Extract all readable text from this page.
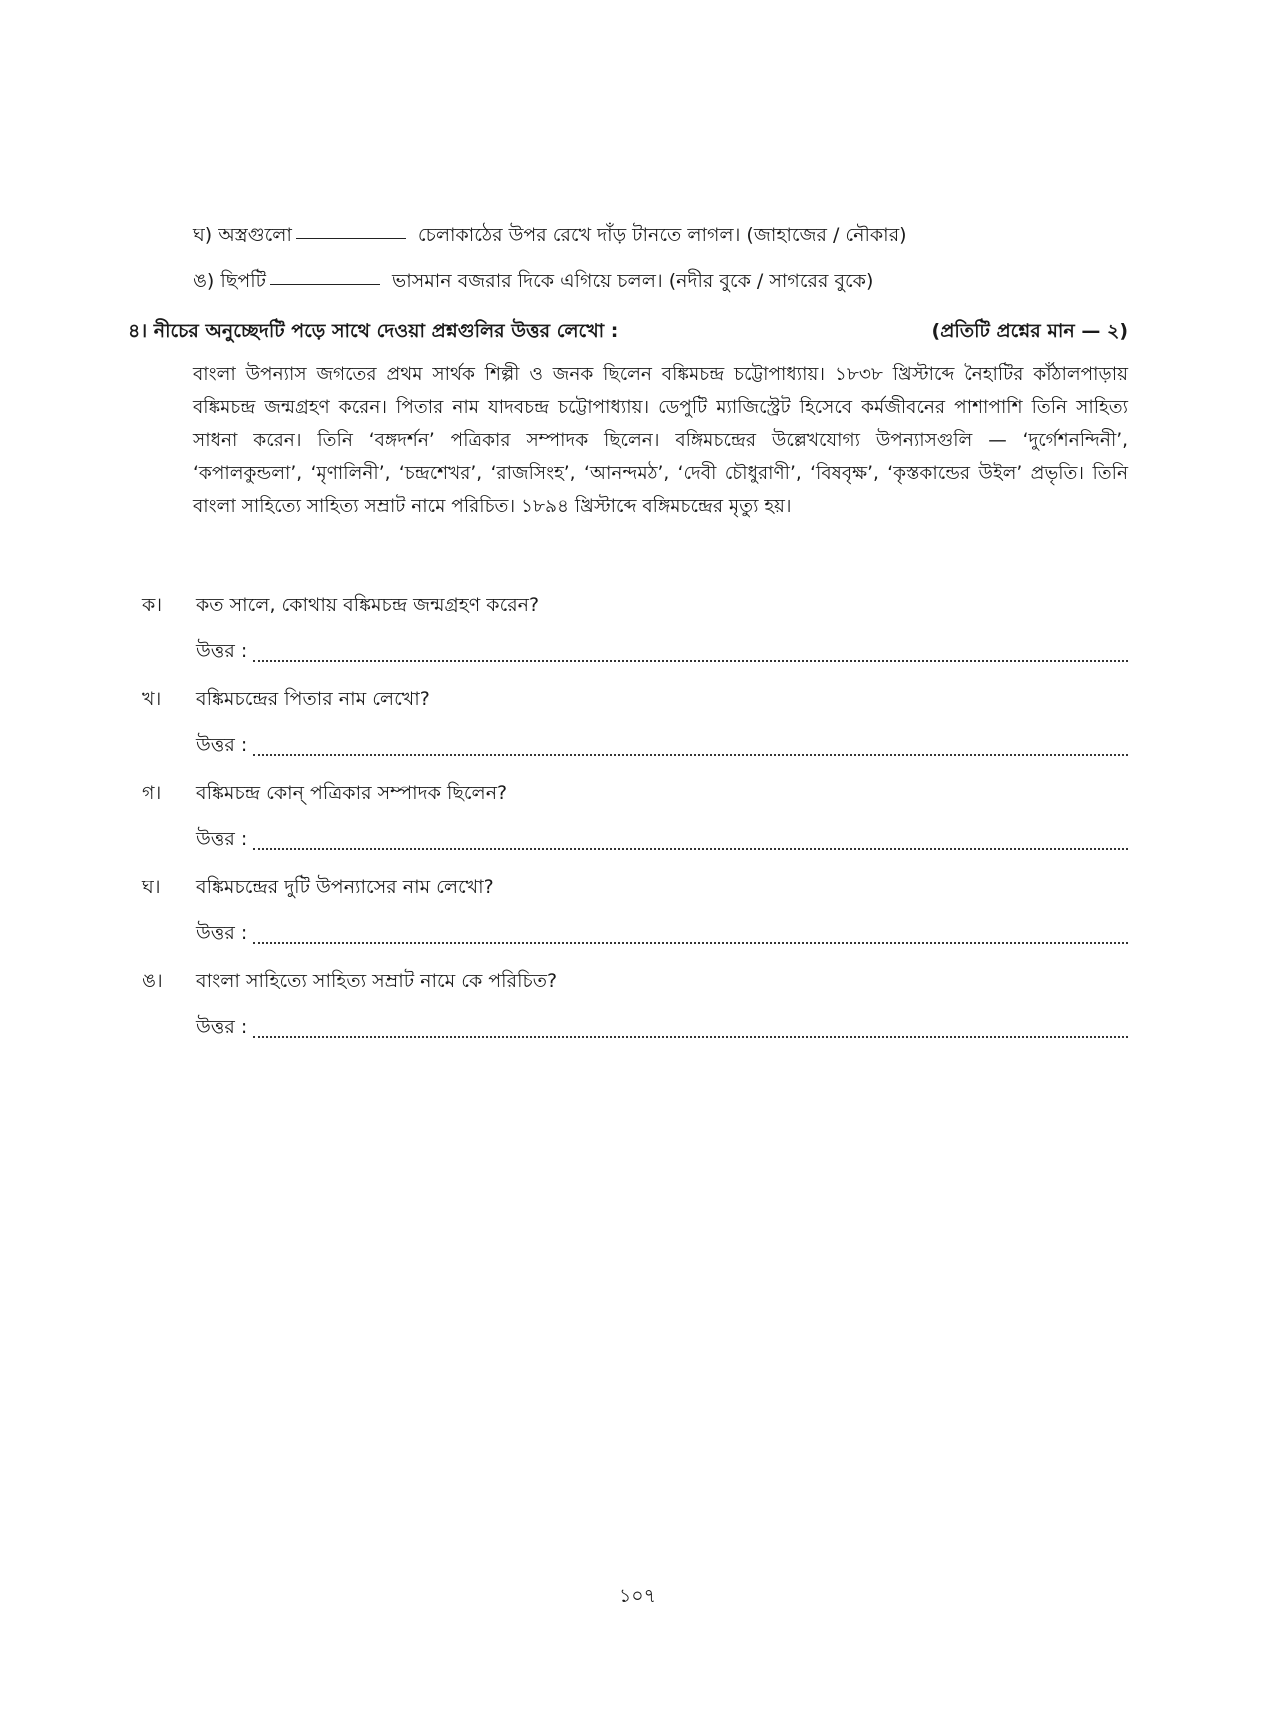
ঘ) অস্ত্রগুলো	চেলাকাঠের উপর রেখে দাঁড় টানতে লাগল। (জাহাজের / নৌকার)
ঙ) ছিপটি	ভাসমান বজরার দিকে এগিয়ে চলল। (নদীর বুকে / সাগরের বুকে)
৪। নীচের অনুচ্ছেদটি পড়ে সাথে দেওয়া প্রশ্নগুলির উত্তর লেখো :	(প্রতিটি প্রশ্নের মান — ২)
বাংলা উপন্যাস জগতের প্রথম সার্থক শিল্পী ও জনক ছিলেন বঙ্কিমচন্দ্র চট্টোপাধ্যায়। ১৮৩৮ খ্রিস্টাব্দে নৈহাটির কাঁঠালপাড়ায় বঙ্কিমচন্দ্র জন্মগ্রহণ করেন। পিতার নাম যাদবচন্দ্র চট্টোপাধ্যায়। ডেপুটি ম্যাজিস্ট্রেট হিসেবে কর্মজীবনের পাশাপাশি তিনি সাহিত্য সাধনা করেন। তিনি ‘বঙ্গদর্শন’ পত্রিকার সম্পাদক ছিলেন। বঙ্গিমচন্দ্রের উল্লেখযোগ্য উপন্যাসগুলি — ‘দুর্গেশনন্দিনী’, ‘কপালকুন্ডলা’, ‘মৃণালিনী’, ‘চন্দ্রশেখর’, ‘রাজসিংহ’, ‘আনন্দমঠ’, ‘দেবী চৌধুরাণী’, ‘বিষবৃক্ষ’, ‘কৃস্তকান্ডের উইল’ প্রভৃতি। তিনি বাংলা সাহিত্যে সাহিত্য সম্রাট নামে পরিচিত। ১৮৯৪ খ্রিস্টাব্দে বঙ্গিমচন্দ্রের মৃত্যু হয়।
ক। কত সালে, কোথায় বঙ্কিমচন্দ্র জন্মগ্রহণ করেন?
উত্তর :
খ। বঙ্কিমচন্দ্রের পিতার নাম লেখো?
উত্তর :
গ। বঙ্কিমচন্দ্র কোন্ পত্রিকার সম্পাদক ছিলেন?
উত্তর :
ঘ। বঙ্কিমচন্দ্রের দুটি উপন্যাসের নাম লেখো?
উত্তর :
ঙ। বাংলা সাহিত্যে সাহিত্য সম্রাট নামে কে পরিচিত?
উত্তর :
১০৭
